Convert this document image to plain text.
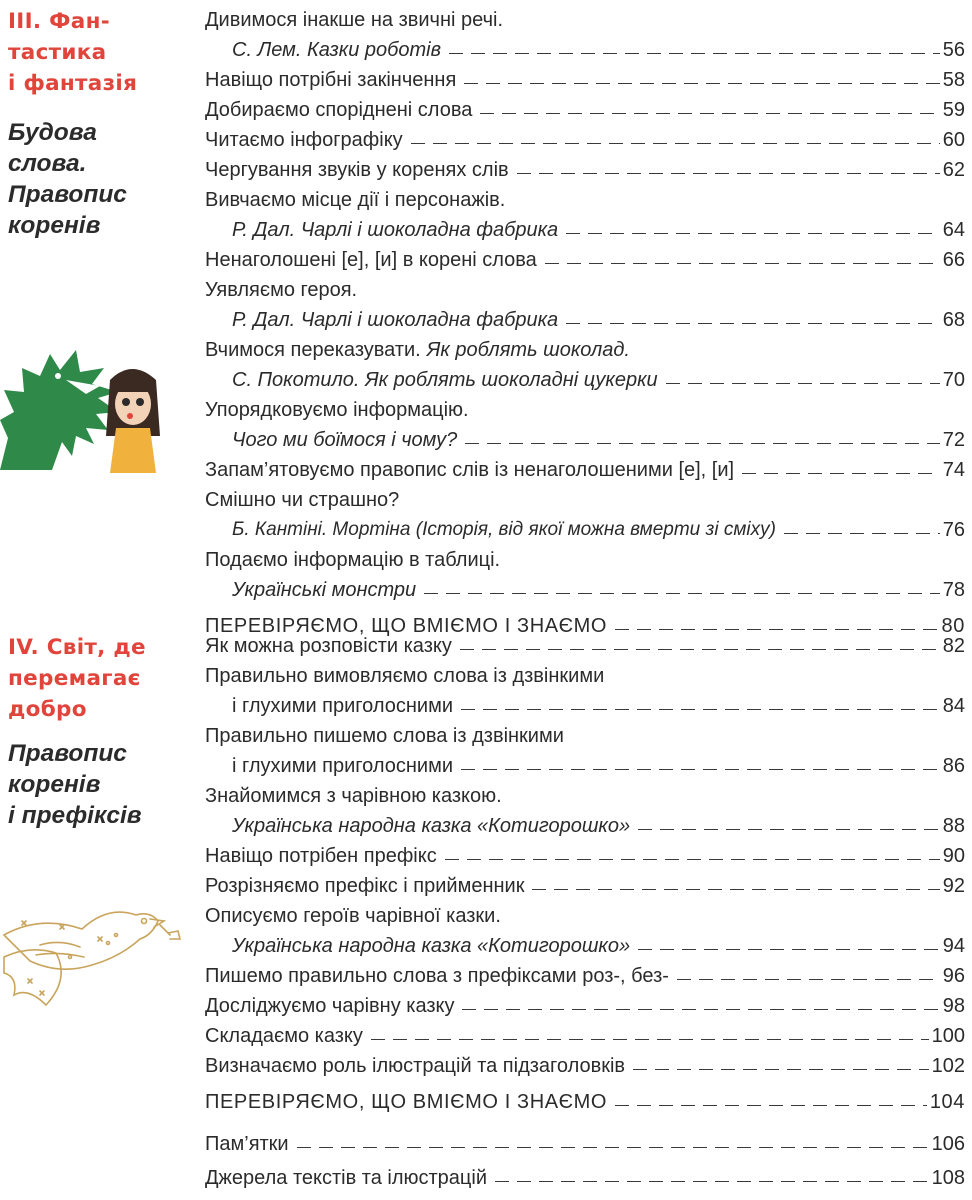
III. Фан-
тастика
і фантазія
Будова
слова.
Правопис
коренів
Дивимося інакше на звичні речі.
С. Лем. Казки роботів	56
Навіщо потрібні закінчення	58
Добираємо споріднені слова	59
Читаємо інфографіку	60
Чергування звуків у коренях слів	62
Вивчаємо місце дії і персонажів.
Р. Дал. Чарлі і шоколадна фабрика	64
Ненаголошені [е], [и] в корені слова	66
Уявляємо героя.
Р. Дал. Чарлі і шоколадна фабрика	68
Вчимося переказувати. Як роблять шоколад.
С. Покотило. Як роблять шоколадні цукерки	70
Упорядковуємо інформацію.
Чого ми боїмося і чому?	72
Запам’ятовуємо правопис слів із ненаголошеними [е], [и]	74
Смішно чи страшно?
Б. Кантіні. Мортіна (Історія, від якої можна вмерти зі сміху)	76
Подаємо інформацію в таблиці.
Українські монстри	78
ПЕРЕВІРЯЄМО, ЩО ВМІЄМО І ЗНАЄМО	80
IV. Світ, де
перемагає
добро
Правопис
коренів
і префіксів
Як можна розповісти казку	82
Правильно вимовляємо слова із дзвінкими
і глухими приголосними	84
Правильно пишемо слова із дзвінкими
і глухими приголосними	86
Знайомимся з чарівною казкою.
Українська народна казка «Котигорошко»	88
Навіщо потрібен префікс	90
Розрізняємо префікс і прийменник	92
Описуємо героїв чарівної казки.
Українська народна казка «Котигорошко»	94
Пишемо правильно слова з префіксами роз-, без-	96
Досліджуємо чарівну казку	98
Складаємо казку	100
Визначаємо роль ілюстрацій та підзаголовків	102
ПЕРЕВІРЯЄМО, ЩО ВМІЄМО І ЗНАЄМО	104
Пам’ятки	106
Джерела текстів та ілюстрацій	108
